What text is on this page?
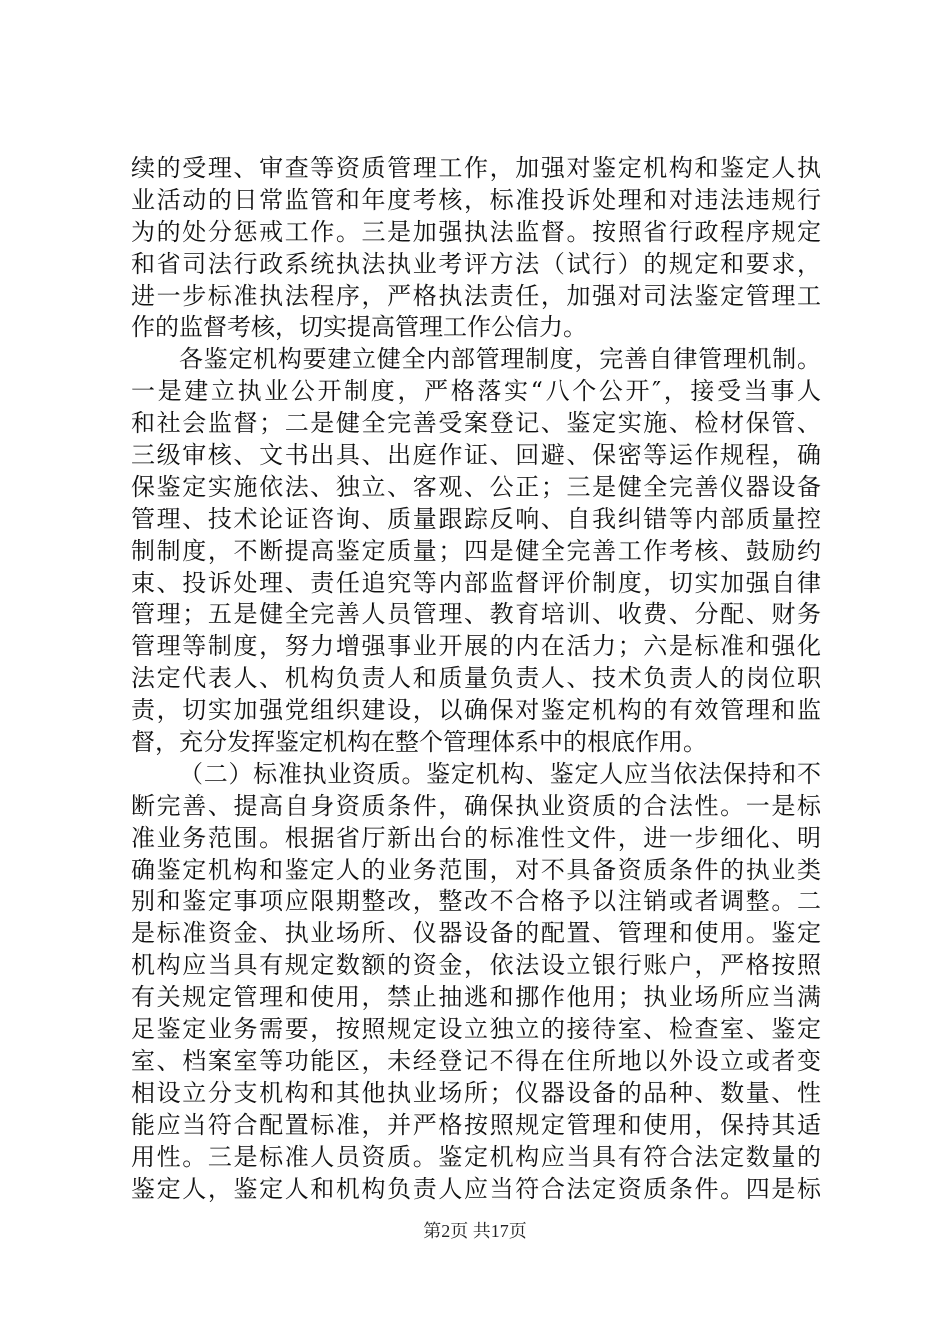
续的受理、审查等资质管理工作，加强对鉴定机构和鉴定人执
业活动的日常监管和年度考核，标准投诉处理和对违法违规行
为的处分惩戒工作。三是加强执法监督。按照省行政程序规定
和省司法行政系统执法执业考评方法（试行）的规定和要求，
进一步标准执法程序，严格执法责任，加强对司法鉴定管理工
作的监督考核，切实提高管理工作公信力。
各鉴定机构要建立健全内部管理制度，完善自律管理机制。
一是建立执业公开制度，严格落实“八个公开″，接受当事人
和社会监督；二是健全完善受案登记、鉴定实施、检材保管、
三级审核、文书出具、出庭作证、回避、保密等运作规程，确
保鉴定实施依法、独立、客观、公正；三是健全完善仪器设备
管理、技术论证咨询、质量跟踪反响、自我纠错等内部质量控
制制度，不断提高鉴定质量；四是健全完善工作考核、鼓励约
束、投诉处理、责任追究等内部监督评价制度，切实加强自律
管理；五是健全完善人员管理、教育培训、收费、分配、财务
管理等制度，努力增强事业开展的内在活力；六是标准和强化
法定代表人、机构负责人和质量负责人、技术负责人的岗位职
责，切实加强党组织建设，以确保对鉴定机构的有效管理和监
督，充分发挥鉴定机构在整个管理体系中的根底作用。
（二）标准执业资质。鉴定机构、鉴定人应当依法保持和不
断完善、提高自身资质条件，确保执业资质的合法性。一是标
准业务范围。根据省厅新出台的标准性文件，进一步细化、明
确鉴定机构和鉴定人的业务范围，对不具备资质条件的执业类
别和鉴定事项应限期整改，整改不合格予以注销或者调整。二
是标准资金、执业场所、仪器设备的配置、管理和使用。鉴定
机构应当具有规定数额的资金，依法设立银行账户，严格按照
有关规定管理和使用，禁止抽逃和挪作他用；执业场所应当满
足鉴定业务需要，按照规定设立独立的接待室、检查室、鉴定
室、档案室等功能区，未经登记不得在住所地以外设立或者变
相设立分支机构和其他执业场所；仪器设备的品种、数量、性
能应当符合配置标准，并严格按照规定管理和使用，保持其适
用性。三是标准人员资质。鉴定机构应当具有符合法定数量的
鉴定人，鉴定人和机构负责人应当符合法定资质条件。四是标
第2页 共17页
